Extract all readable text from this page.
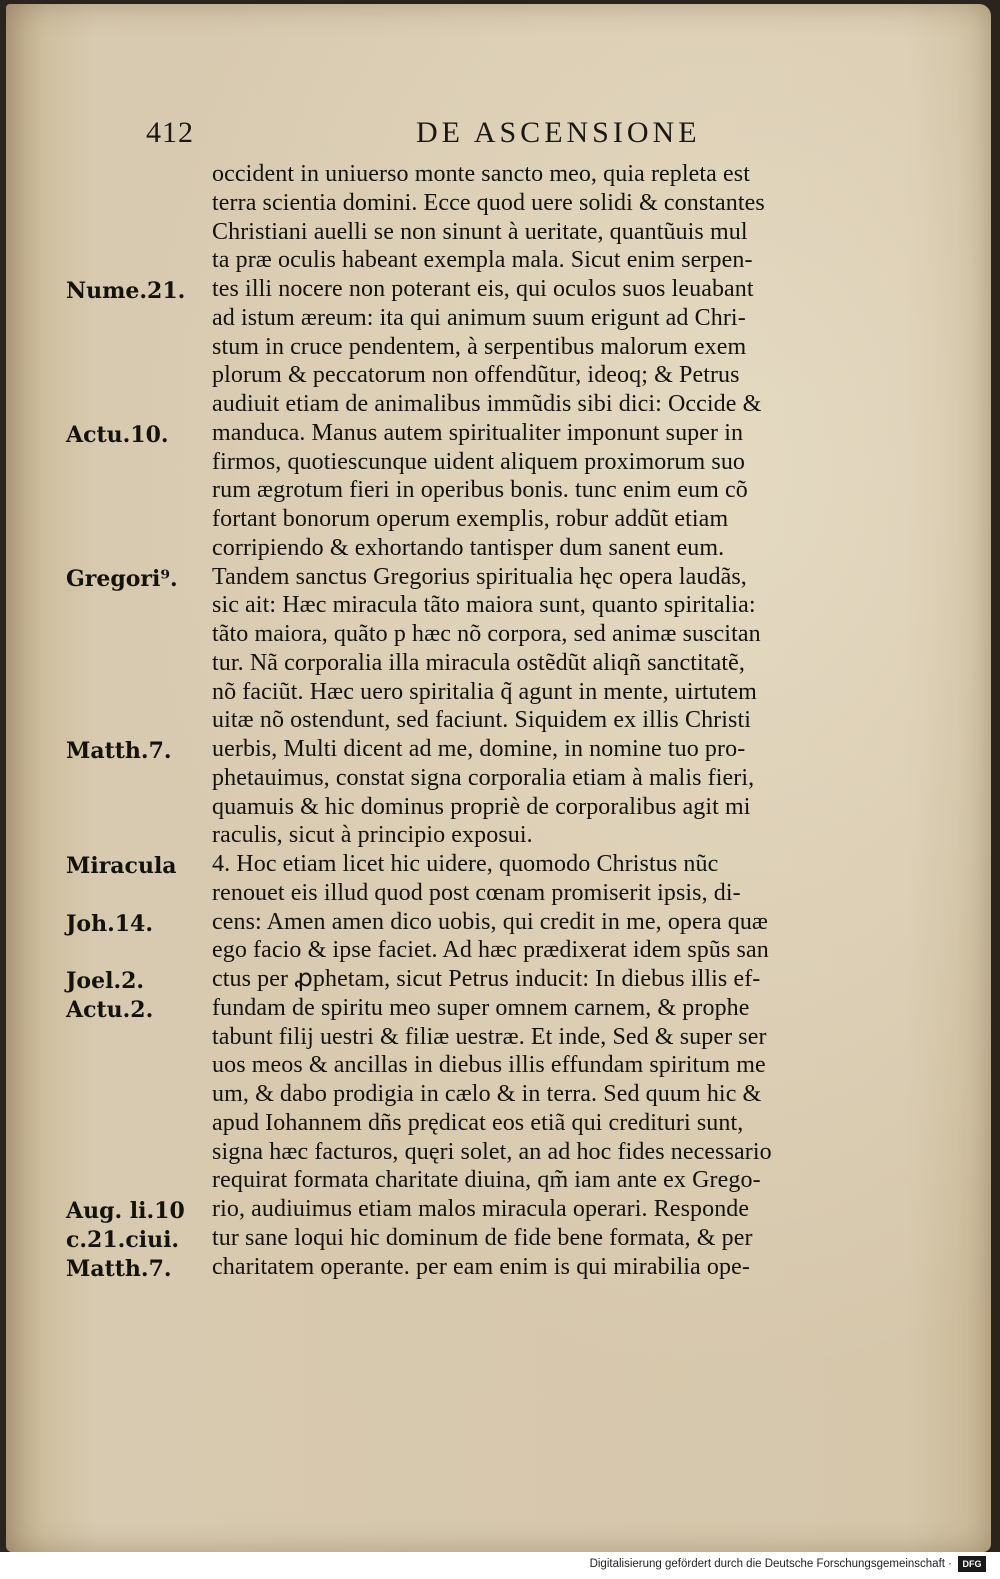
412	DE ASCENSIONE
occident in uniuerso monte sancto meo, quia repleta est
terra scientia domini. Ecce quod uere solidi & constantes
Christiani auelli se non sinunt à ueritate, quantũuis mul
ta præ oculis habeant exempla mala. Sicut enim serpen-
tes illi nocere non poterant eis, qui oculos suos leuabant
ad istum æreum: ita qui animum suum erigunt ad Chri-
stum in cruce pendentem, à serpentibus malorum exem
plorum & peccatorum non offendũtur, ideoq; & Petrus
audiuit etiam de animalibus immũdis sibi dici: Occide &
manduca. Manus autem spiritualiter imponunt super in
firmos, quotiescunque uident aliquem proximorum suo
rum ægrotum fieri in operibus bonis. tunc enim eum cõ
fortant bonorum operum exemplis, robur addũt etiam
corripiendo & exhortando tantisper dum sanent eum.
Tandem sanctus Gregorius spiritualia hęc opera laudãs,
sic ait: Hæc miracula tãto maiora sunt, quanto spiritalia:
tãto maiora, quãto p hæc nõ corpora, sed animæ suscitan
tur. Nã corporalia illa miracula ostẽdũt aliqñ sanctitatẽ,
nõ faciũt. Hæc uero spiritalia q̃ agunt in mente, uirtutem
uitæ nõ ostendunt, sed faciunt. Siquidem ex illis Christi
uerbis, Multi dicent ad me, domine, in nomine tuo pro-
phetauimus, constat signa corporalia etiam à malis fieri,
quamuis & hic dominus propriè de corporalibus agit mi
raculis, sicut à principio exposui.
4. Hoc etiam licet hic uidere, quomodo Christus nũc
renouet eis illud quod post cœnam promiserit ipsis, di-
cens: Amen amen dico uobis, qui credit in me, opera quæ
ego facio & ipse faciet. Ad hæc prædixerat idem spũs san
ctus per ꝓphetam, sicut Petrus inducit: In diebus illis ef-
fundam de spiritu meo super omnem carnem, & prophe
tabunt filij uestri & filiæ uestræ. Et inde, Sed & super ser
uos meos & ancillas in diebus illis effundam spiritum me
um, & dabo prodigia in cælo & in terra. Sed quum hic &
apud Iohannem dñs prędicat eos etiã qui credituri sunt,
signa hæc facturos, quęri solet, an ad hoc fides necessario
requirat formata charitate diuina, qm̃ iam ante ex Grego-
rio, audiuimus etiam malos miracula operari. Responde
tur sane loqui hic dominum de fide bene formata, & per
charitatem operante. per eam enim is qui mirabilia ope-
Nume.21.
Actu.10.
Gregori⁹.
Matth.7.
Miracula
Joh.14.
Joel.2.
Actu.2.
Aug. li.10
c.21.ciui.
Matth.7.
Digitalisierung gefördert durch die Deutsche Forschungsgemeinschaft ·	DFG
